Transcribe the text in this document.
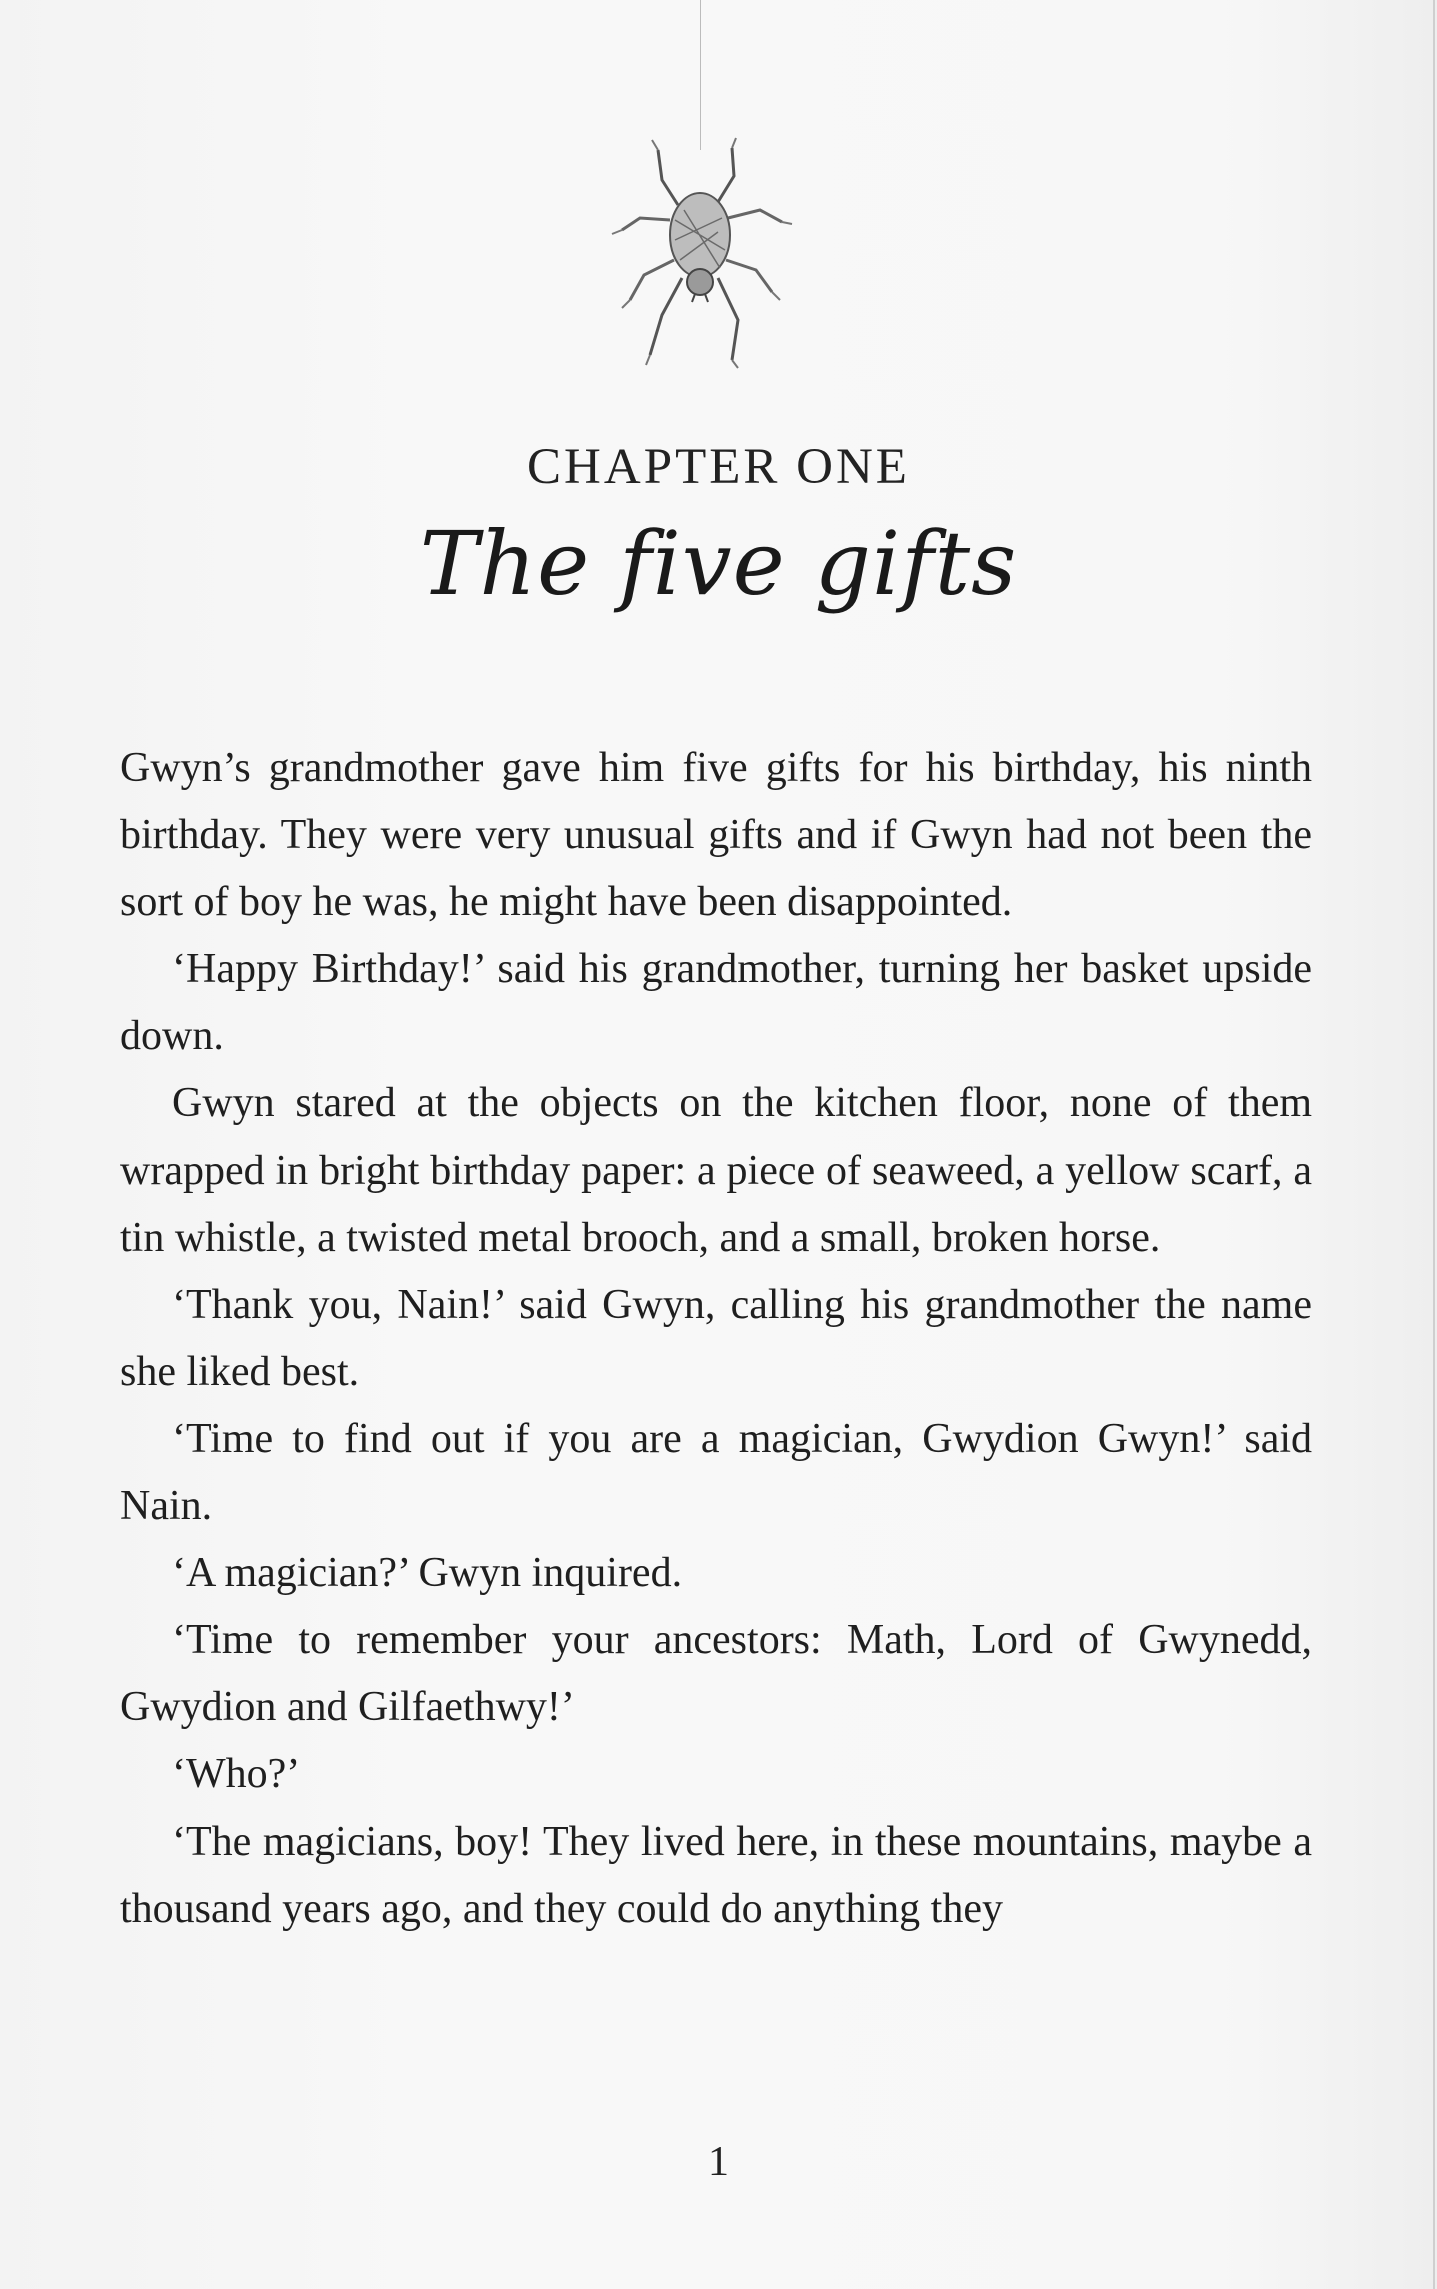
CHAPTER ONE
The five gifts

Gwyn’s grandmother gave him five gifts for his birthday, his ninth birthday. They were very unusual gifts and if Gwyn had not been the sort of boy he was, he might have been disappointed.

‘Happy Birthday!’ said his grandmother, turning her basket upside down.

Gwyn stared at the objects on the kitchen floor, none of them wrapped in bright birthday paper: a piece of seaweed, a yellow scarf, a tin whistle, a twisted metal brooch, and a small, broken horse.

‘Thank you, Nain!’ said Gwyn, calling his grandmother the name she liked best.

‘Time to find out if you are a magician, Gwydion Gwyn!’ said Nain.

‘A magician?’ Gwyn inquired.

‘Time to remember your ancestors: Math, Lord of Gwynedd, Gwydion and Gilfaethwy!’

‘Who?’

‘The magicians, boy! They lived here, in these mountains, maybe a thousand years ago, and they could do anything they

1
